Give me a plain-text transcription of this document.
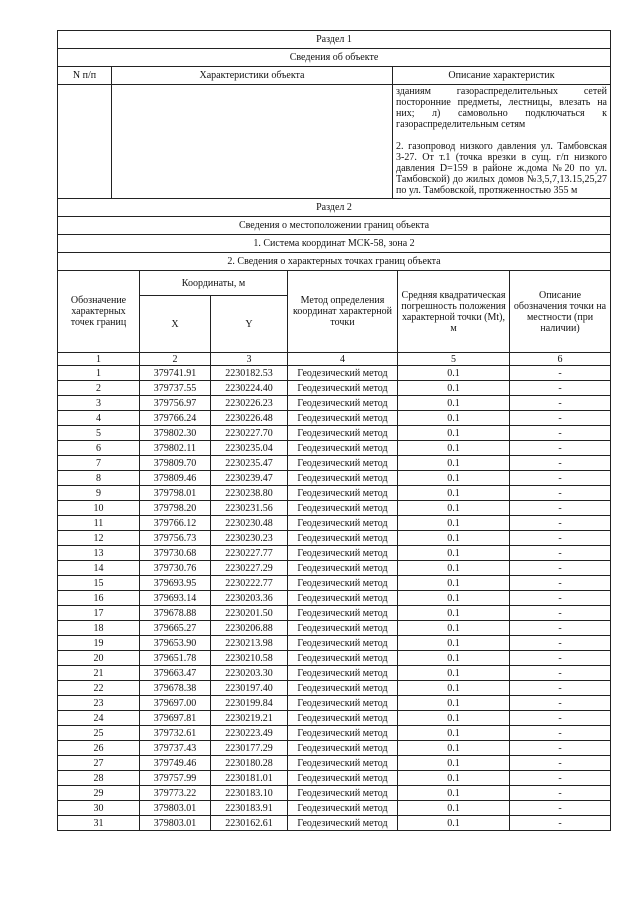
Раздел 1		
Сведения об объекте		
N п/п	Характеристики объекта	Описание характеристик

		зданиям газораспределительных сетей посторонние предметы, лестницы, влезать на них; л) самовольно подключаться к газораспределительным сетям

2. газопровод низкого давления ул. Тамбовская 3-27. От т.1 (точка врезки в сущ. г/п низкого давления D=159 в районе ж.дома №20 по ул. Тамбовской) до жилых домов №3,5,7,13.15,25,27 по ул. Тамбовской, протяженностью 355 м

Раздел 2					
Сведения о местоположении границ объекта					
1. Система координат МСК-58, зона 2					
2. Сведения о характерных точках границ объекта					
Обозначение характерных точек границ	Координаты, м		Метод определения координат характерной точки	Средняя квадратическая погрешность положения характерной точки (Мt), м	Описание обозначения точки на местности (при наличии)
	X	Y			
1	2	3	4	5	6
1	379741.91	2230182.53	Геодезический метод	0.1	-
2	379737.55	2230224.40	Геодезический метод	0.1	-
3	379756.97	2230226.23	Геодезический метод	0.1	-
4	379766.24	2230226.48	Геодезический метод	0.1	-
5	379802.30	2230227.70	Геодезический метод	0.1	-
6	379802.11	2230235.04	Геодезический метод	0.1	-
7	379809.70	2230235.47	Геодезический метод	0.1	-
8	379809.46	2230239.47	Геодезический метод	0.1	-
9	379798.01	2230238.80	Геодезический метод	0.1	-
10	379798.20	2230231.56	Геодезический метод	0.1	-
11	379766.12	2230230.48	Геодезический метод	0.1	-
12	379756.73	2230230.23	Геодезический метод	0.1	-
13	379730.68	2230227.77	Геодезический метод	0.1	-
14	379730.76	2230227.29	Геодезический метод	0.1	-
15	379693.95	2230222.77	Геодезический метод	0.1	-
16	379693.14	2230203.36	Геодезический метод	0.1	-
17	379678.88	2230201.50	Геодезический метод	0.1	-
18	379665.27	2230206.88	Геодезический метод	0.1	-
19	379653.90	2230213.98	Геодезический метод	0.1	-
20	379651.78	2230210.58	Геодезический метод	0.1	-
21	379663.47	2230203.30	Геодезический метод	0.1	-
22	379678.38	2230197.40	Геодезический метод	0.1	-
23	379697.00	2230199.84	Геодезический метод	0.1	-
24	379697.81	2230219.21	Геодезический метод	0.1	-
25	379732.61	2230223.49	Геодезический метод	0.1	-
26	379737.43	2230177.29	Геодезический метод	0.1	-
27	379749.46	2230180.28	Геодезический метод	0.1	-
28	379757.99	2230181.01	Геодезический метод	0.1	-
29	379773.22	2230183.10	Геодезический метод	0.1	-
30	379803.01	2230183.91	Геодезический метод	0.1	-
31	379803.01	2230162.61	Геодезический метод	0.1	-
